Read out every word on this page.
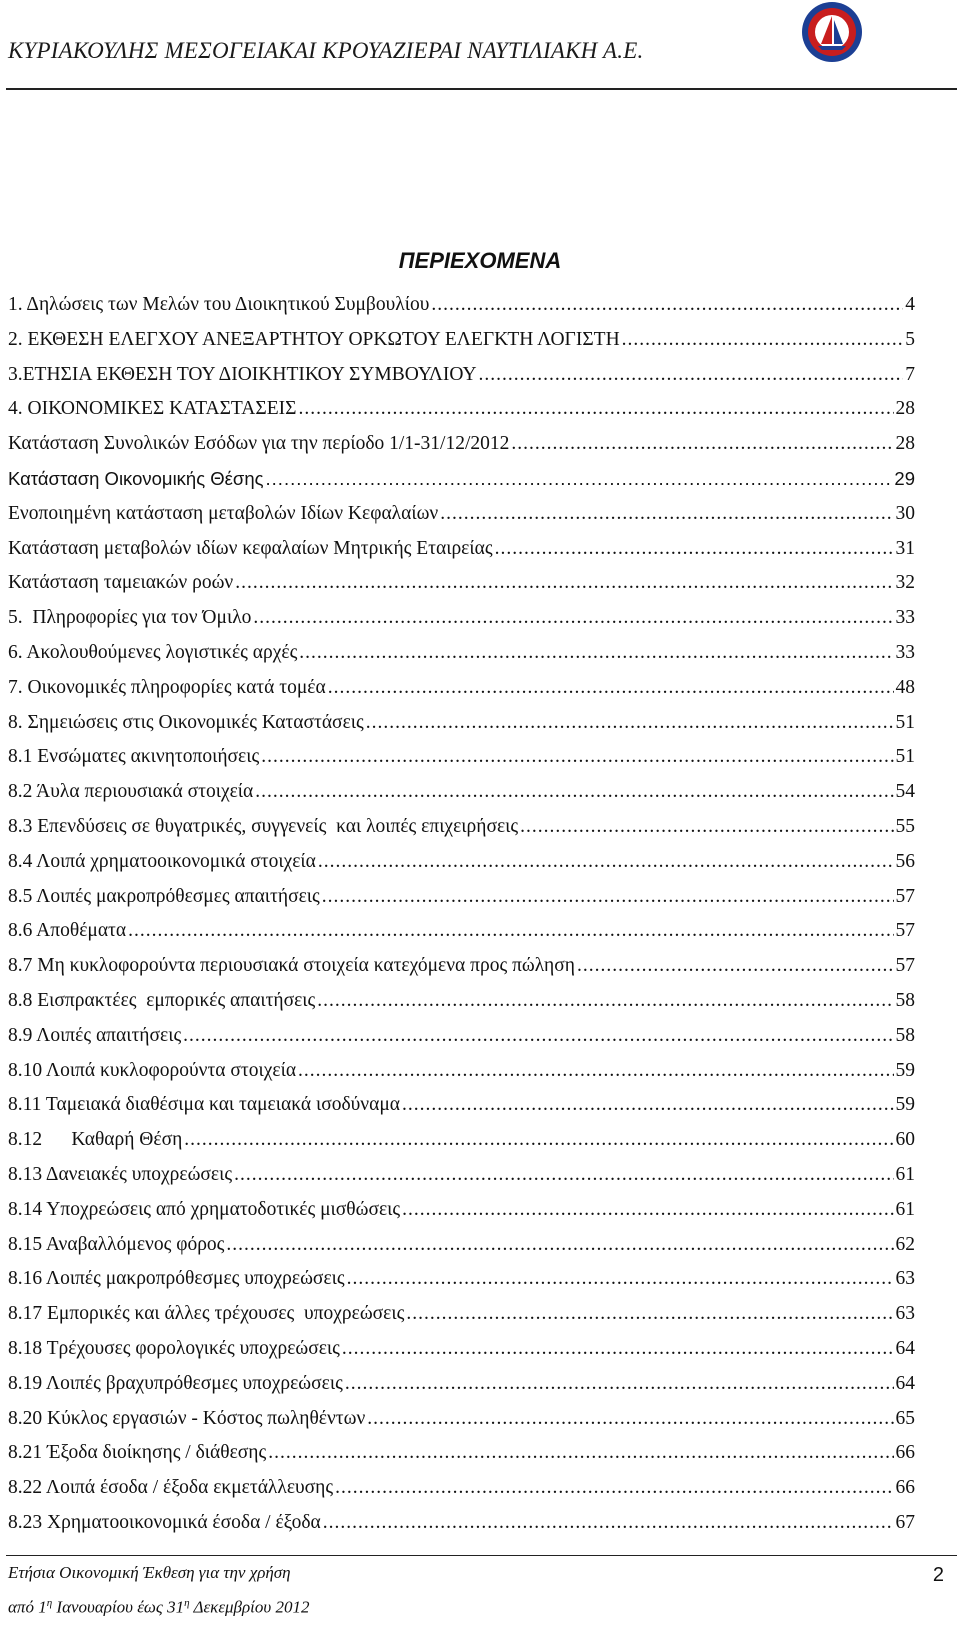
ΚΥΡΙΑΚΟΥΛΗΣ ΜΕΣΟΓΕΙΑΚΑΙ ΚΡΟΥΑΖΙΕΡΑΙ ΝΑΥΤΙΛΙΑΚΗ Α.Ε.
ΠΕΡΙΕΧΟΜΕΝΑ
1. Δηλώσεις των Μελών του Διοικητικού Συμβουλίου .....	4
2. ΕΚΘΕΣΗ ΕΛΕΓΧΟΥ ΑΝΕΞΑΡΤΗΤΟΥ ΟΡΚΩΤΟΥ ΕΛΕΓΚΤΗ ΛΟΓΙΣΤΗ .....	5
3.ΕΤΗΣΙΑ ΕΚΘΕΣΗ ΤΟΥ ΔΙΟΙΚΗΤΙΚΟΥ ΣΥΜΒΟΥΛΙΟΥ .....	7
4. ΟΙΚΟΝΟΜΙΚΕΣ ΚΑΤΑΣΤΑΣΕΙΣ .....	28
Κατάσταση Συνολικών Εσόδων για την περίοδο 1/1-31/12/2012 .....	28
Κατάσταση Οικονομικής Θέσης .....	29
Ενοποιημένη κατάσταση μεταβολών Ιδίων Κεφαλαίων .....	30
Κατάσταση μεταβολών ιδίων κεφαλαίων Μητρικής Εταιρείας .....	31
Κατάσταση ταμειακών ροών .....	32
5.  Πληροφορίες για τον Όμιλο .....	33
6. Ακολουθούμενες λογιστικές αρχές .....	33
7. Οικονομικές πληροφορίες κατά τομέα .....	48
8. Σημειώσεις στις Οικονομικές Καταστάσεις .....	51
8.1 Ενσώματες ακινητοποιήσεις .....	51
8.2 Άυλα περιουσιακά στοιχεία .....	54
8.3 Επενδύσεις σε θυγατρικές, συγγενείς  και λοιπές επιχειρήσεις .....	55
8.4 Λοιπά χρηματοοικονομικά στοιχεία .....	56
8.5 Λοιπές μακροπρόθεσμες απαιτήσεις .....	57
8.6 Αποθέματα .....	57
8.7 Μη κυκλοφορούντα περιουσιακά στοιχεία κατεχόμενα προς πώληση .....	57
8.8 Εισπρακτέες  εμπορικές απαιτήσεις .....	58
8.9 Λοιπές απαιτήσεις .....	58
8.10 Λοιπά κυκλοφορούντα στοιχεία .....	59
8.11 Ταμειακά διαθέσιμα και ταμειακά ισοδύναμα .....	59
8.12      Καθαρή Θέση .....	60
8.13 Δανειακές υποχρεώσεις .....	61
8.14 Υποχρεώσεις από χρηματοδοτικές μισθώσεις .....	61
8.15 Αναβαλλόμενος φόρος .....	62
8.16 Λοιπές μακροπρόθεσμες υποχρεώσεις .....	63
8.17 Εμπορικές και άλλες τρέχουσες  υποχρεώσεις .....	63
8.18 Τρέχουσες φορολογικές υποχρεώσεις .....	64
8.19 Λοιπές βραχυπρόθεσμες υποχρεώσεις .....	64
8.20 Κύκλος εργασιών - Κόστος πωληθέντων .....	65
8.21 Έξοδα διοίκησης / διάθεσης .....	66
8.22 Λοιπά έσοδα / έξοδα εκμετάλλευσης .....	66
8.23 Χρηματοοικονομικά έσοδα / έξοδα .....	67
Ετήσια Οικονομική Έκθεση για την χρήση
από $1^\eta$ Ιανουαρίου έως $31^\eta$ Δεκεμβρίου 2012
2
